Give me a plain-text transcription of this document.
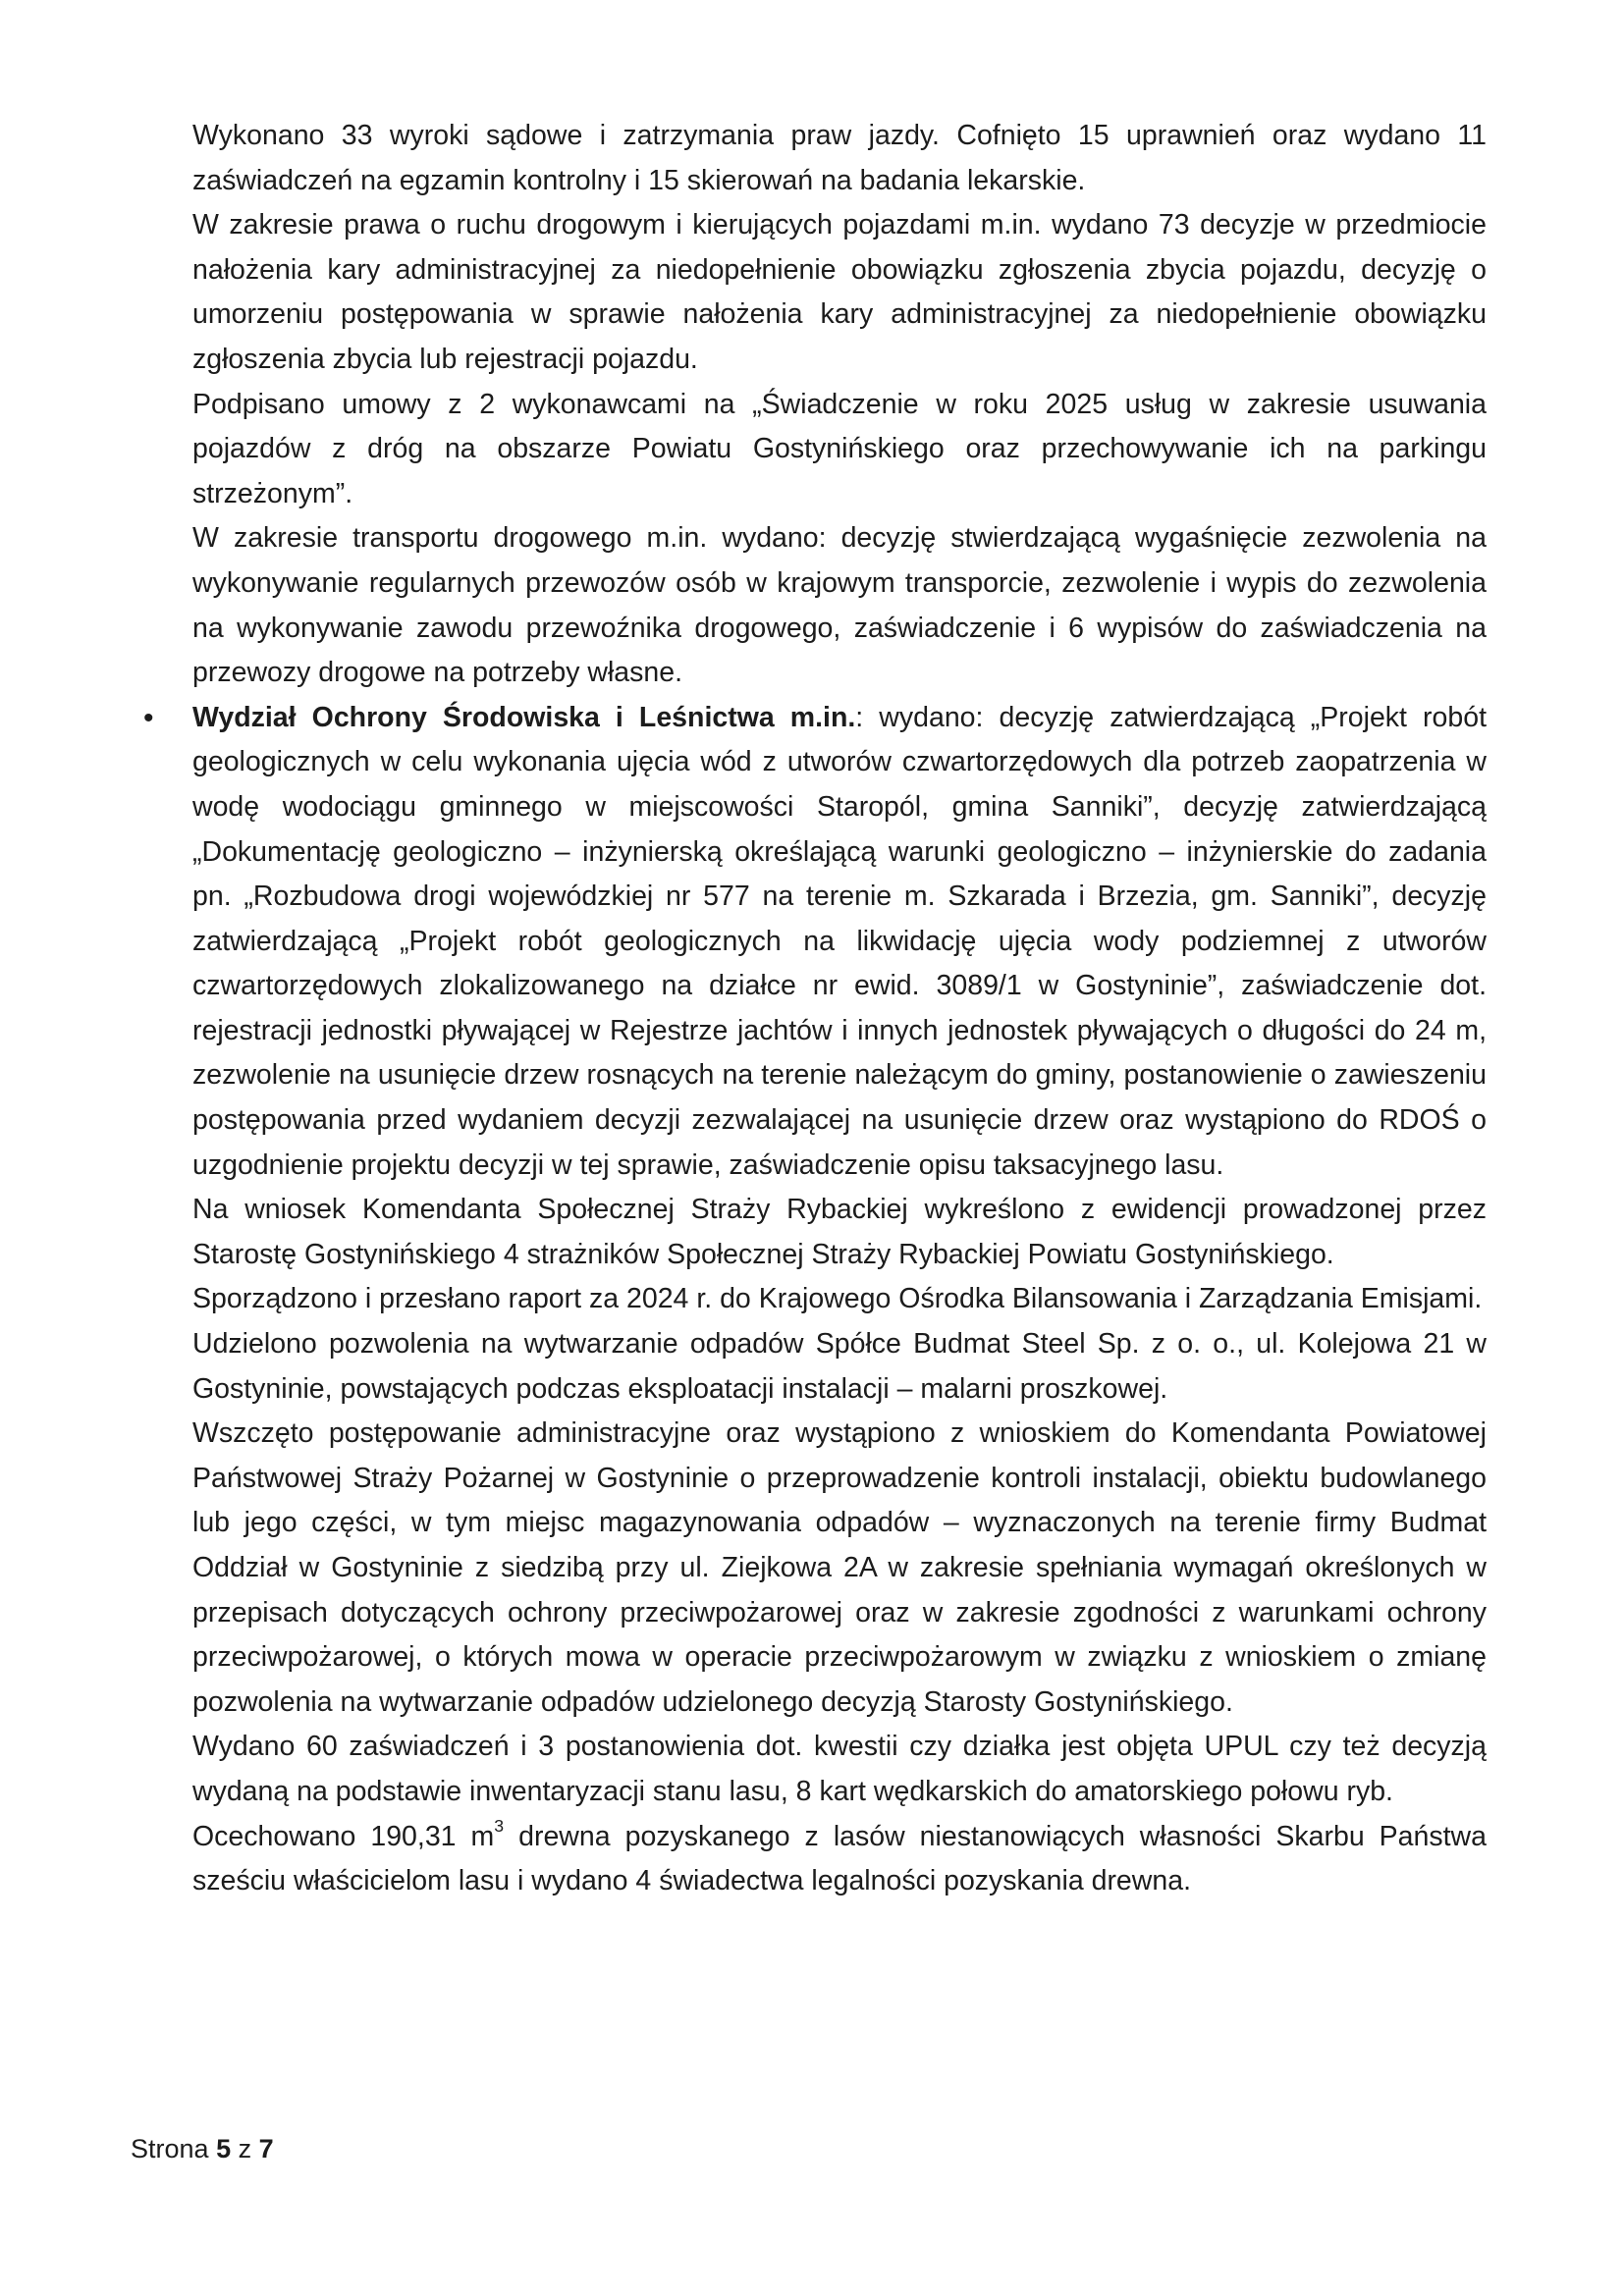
Wykonano 33 wyroki sądowe i zatrzymania praw jazdy. Cofnięto 15 uprawnień oraz wydano 11 zaświadczeń na egzamin kontrolny i 15 skierowań na badania lekarskie.

W zakresie prawa o ruchu drogowym i kierujących pojazdami m.in. wydano 73 decyzje w przedmiocie nałożenia kary administracyjnej za niedopełnienie obowiązku zgłoszenia zbycia pojazdu, decyzję o umorzeniu postępowania w sprawie nałożenia kary administracyjnej za niedopełnienie obowiązku zgłoszenia zbycia lub rejestracji pojazdu.

Podpisano umowy z 2 wykonawcami na „Świadczenie w roku 2025 usług w zakresie usuwania pojazdów z dróg na obszarze Powiatu Gostynińskiego oraz przechowywanie ich na parkingu strzeżonym”.

W zakresie transportu drogowego m.in. wydano: decyzję stwierdzającą wygaśnięcie zezwolenia na wykonywanie regularnych przewozów osób w krajowym transporcie, zezwolenie i wypis do zezwolenia na wykonywanie zawodu przewoźnika drogowego, zaświadczenie i 6 wypisów do zaświadczenia na przewozy drogowe na potrzeby własne.

• Wydział Ochrony Środowiska i Leśnictwa m.in.: wydano: decyzję zatwierdzającą „Projekt robót geologicznych w celu wykonania ujęcia wód z utworów czwartorzędowych dla potrzeb zaopatrzenia w wodę wodociągu gminnego w miejscowości Staropól, gmina Sanniki”, decyzję zatwierdzającą „Dokumentację geologiczno – inżynierską określającą warunki geologiczno – inżynierskie do zadania pn. „Rozbudowa drogi wojewódzkiej nr 577 na terenie m. Szkarada i Brzezia, gm. Sanniki”, decyzję zatwierdzającą „Projekt robót geologicznych na likwidację ujęcia wody podziemnej z utworów czwartorzędowych zlokalizowanego na działce nr ewid. 3089/1 w Gostyninie”, zaświadczenie dot. rejestracji jednostki pływającej w Rejestrze jachtów i innych jednostek pływających o długości do 24 m, zezwolenie na usunięcie drzew rosnących na terenie należącym do gminy, postanowienie o zawieszeniu postępowania przed wydaniem decyzji zezwalającej na usunięcie drzew oraz wystąpiono do RDOŚ o uzgodnienie projektu decyzji w tej sprawie, zaświadczenie opisu taksacyjnego lasu.

Na wniosek Komendanta Społecznej Straży Rybackiej wykreślono z ewidencji prowadzonej przez Starostę Gostynińskiego 4 strażników Społecznej Straży Rybackiej Powiatu Gostynińskiego.

Sporządzono i przesłano raport za 2024 r. do Krajowego Ośrodka Bilansowania i Zarządzania Emisjami.

Udzielono pozwolenia na wytwarzanie odpadów Spółce Budmat Steel Sp. z o. o., ul. Kolejowa 21 w Gostyninie, powstających podczas eksploatacji instalacji – malarni proszkowej.

Wszczęto postępowanie administracyjne oraz wystąpiono z wnioskiem do Komendanta Powiatowej Państwowej Straży Pożarnej w Gostyninie o przeprowadzenie kontroli instalacji, obiektu budowlanego lub jego części, w tym miejsc magazynowania odpadów – wyznaczonych na terenie firmy Budmat Oddział w Gostyninie z siedzibą przy ul. Ziejkowa 2A w zakresie spełniania wymagań określonych w przepisach dotyczących ochrony przeciwpożarowej oraz w zakresie zgodności z warunkami ochrony przeciwpożarowej, o których mowa w operacie przeciwpożarowym w związku z wnioskiem o zmianę pozwolenia na wytwarzanie odpadów udzielonego decyzją Starosty Gostynińskiego.

Wydano 60 zaświadczeń i 3 postanowienia dot. kwestii czy działka jest objęta UPUL czy też decyzją wydaną na podstawie inwentaryzacji stanu lasu, 8 kart wędkarskich do amatorskiego połowu ryb.

Ocechowano 190,31 $m^3$ drewna pozyskanego z lasów niestanowiących własności Skarbu Państwa sześciu właścicielom lasu i wydano 4 świadectwa legalności pozyskania drewna.

Strona 5 z 7
